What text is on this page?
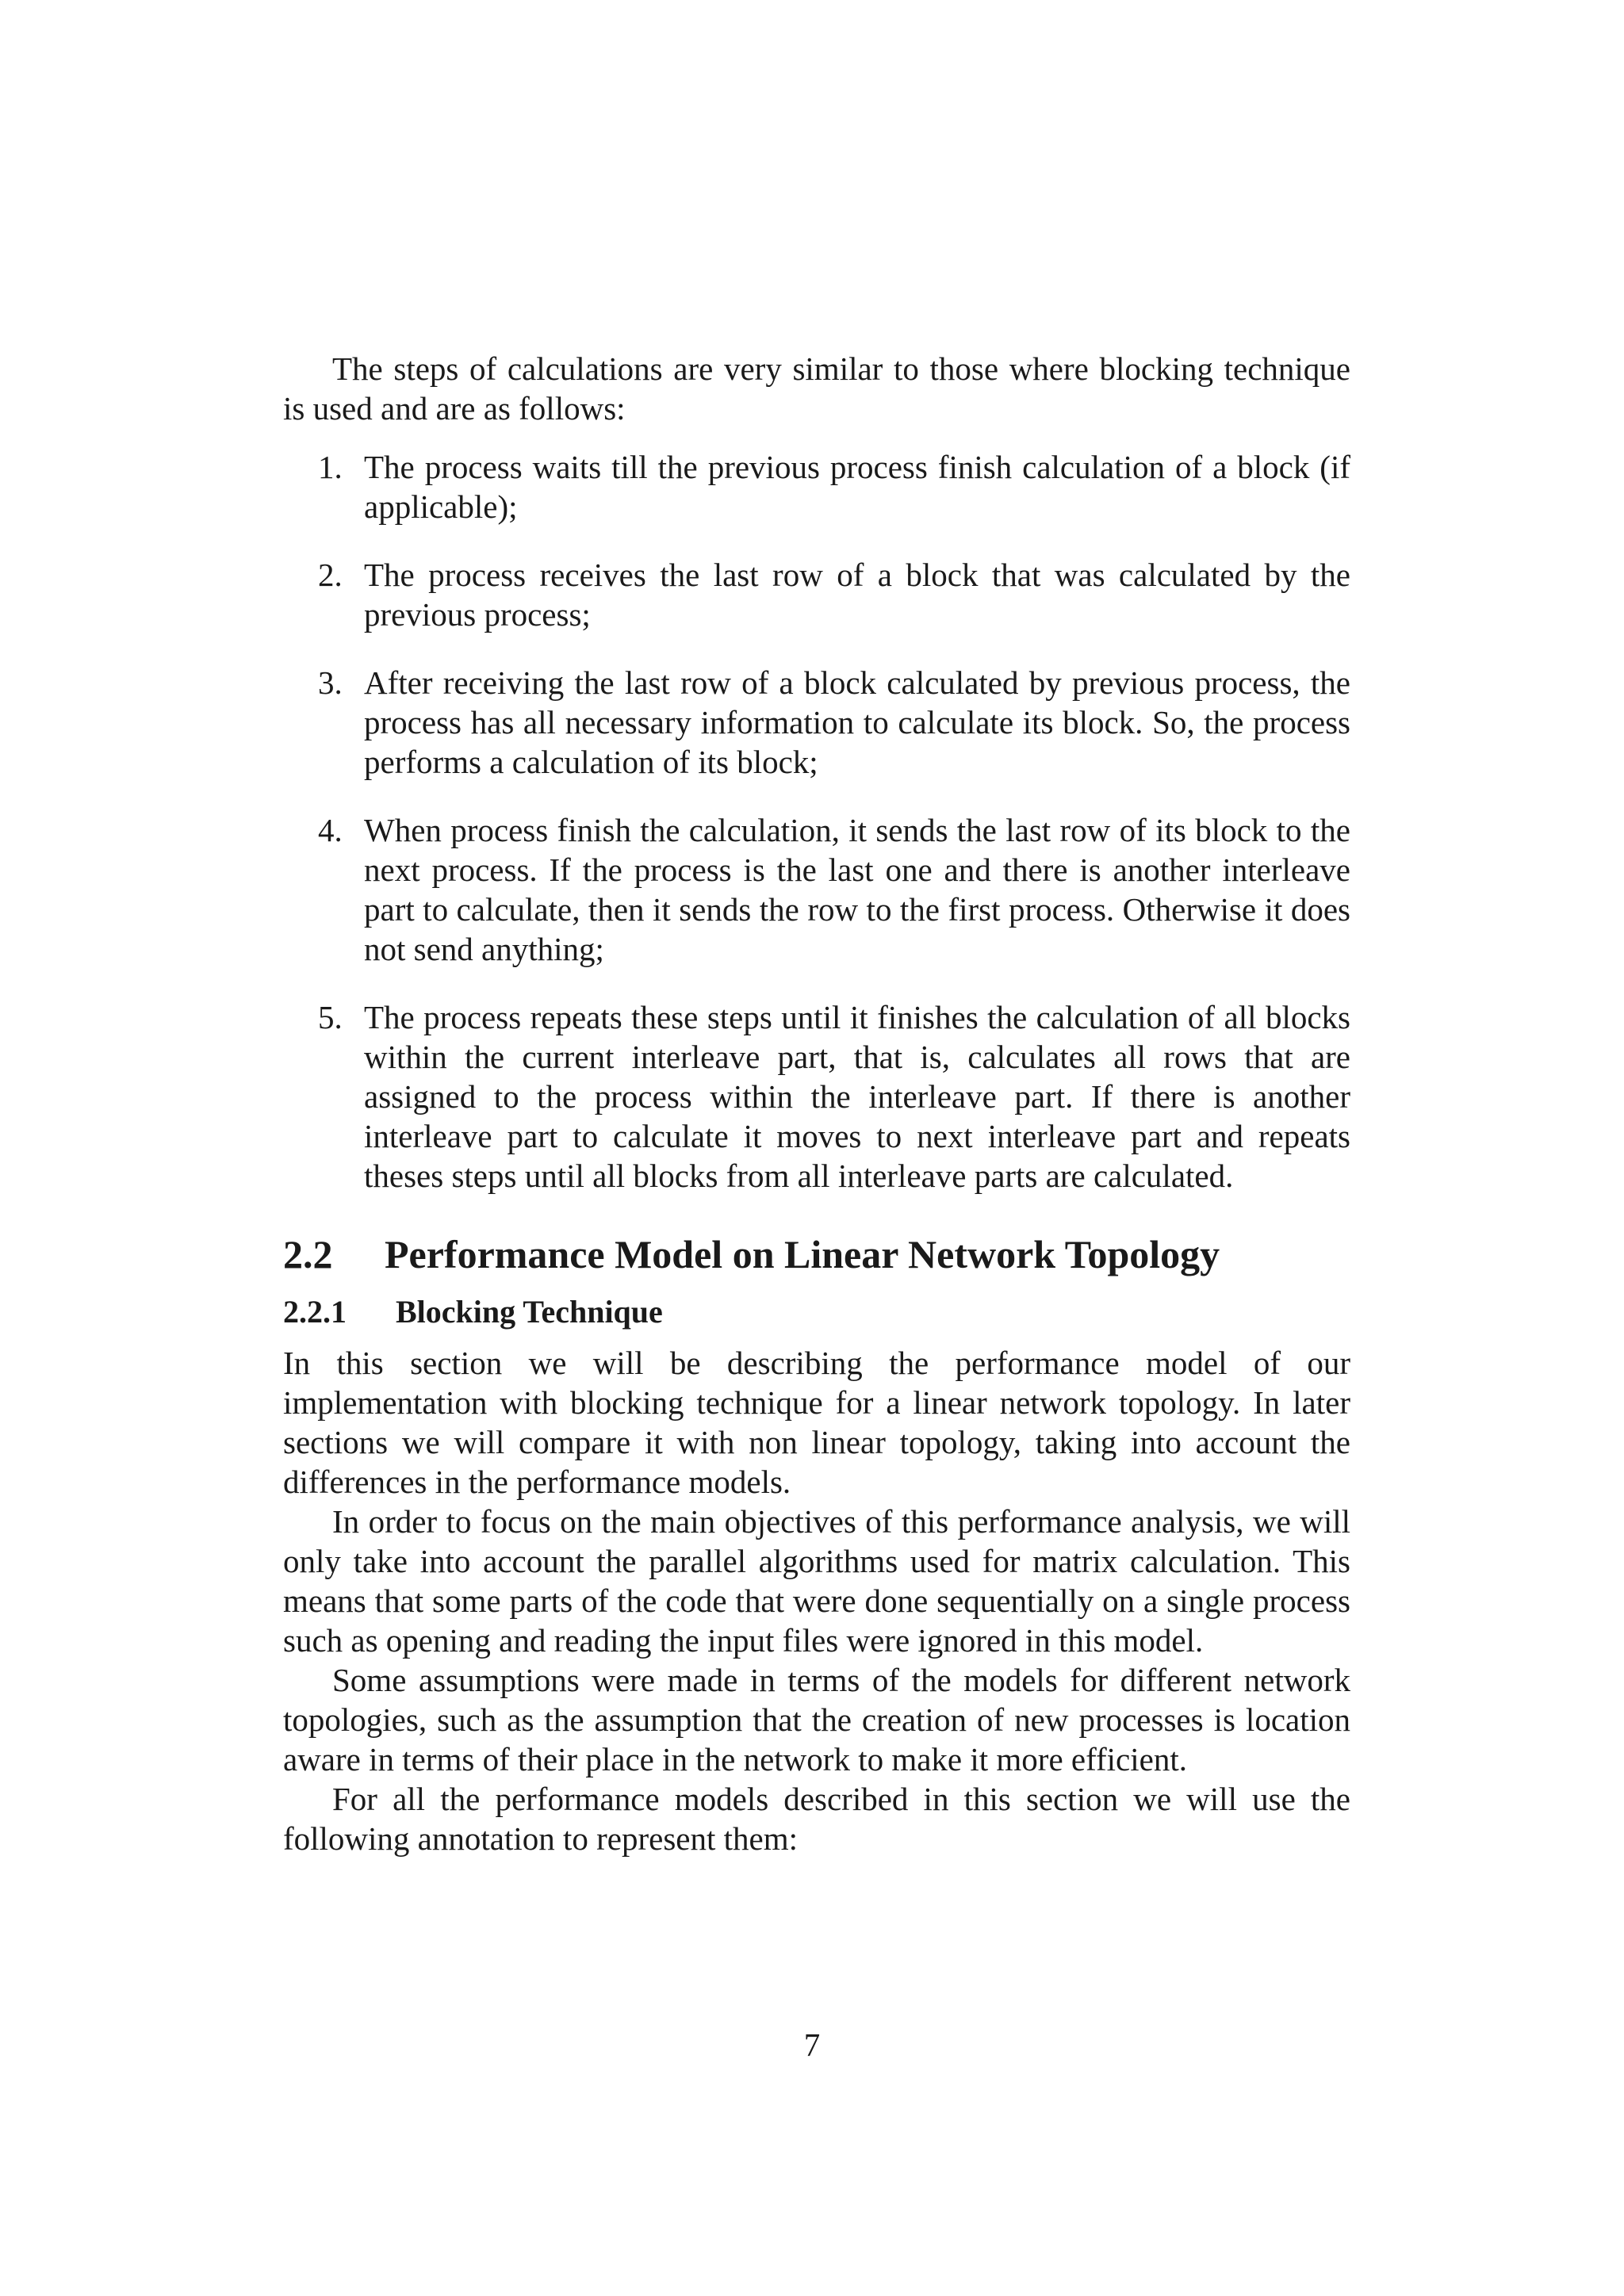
The steps of calculations are very similar to those where blocking technique is used and are as follows:

1. The process waits till the previous process finish calculation of a block (if applicable);
2. The process receives the last row of a block that was calculated by the previous process;
3. After receiving the last row of a block calculated by previous process, the process has all necessary information to calculate its block. So, the process performs a calculation of its block;
4. When process finish the calculation, it sends the last row of its block to the next process. If the process is the last one and there is another interleave part to calculate, then it sends the row to the first process. Otherwise it does not send anything;
5. The process repeats these steps until it finishes the calculation of all blocks within the current interleave part, that is, calculates all rows that are assigned to the process within the interleave part. If there is another interleave part to calculate it moves to next interleave part and repeats theses steps until all blocks from all interleave parts are calculated.
2.2 Performance Model on Linear Network Topology
2.2.1 Blocking Technique

In this section we will be describing the performance model of our implementation with blocking technique for a linear network topology. In later sections we will compare it with non linear topology, taking into account the differences in the performance models.

In order to focus on the main objectives of this performance analysis, we will only take into account the parallel algorithms used for matrix calculation. This means that some parts of the code that were done sequentially on a single process such as opening and reading the input files were ignored in this model.

Some assumptions were made in terms of the models for different network topologies, such as the assumption that the creation of new processes is location aware in terms of their place in the network to make it more efficient.

For all the performance models described in this section we will use the following annotation to represent them:

7
